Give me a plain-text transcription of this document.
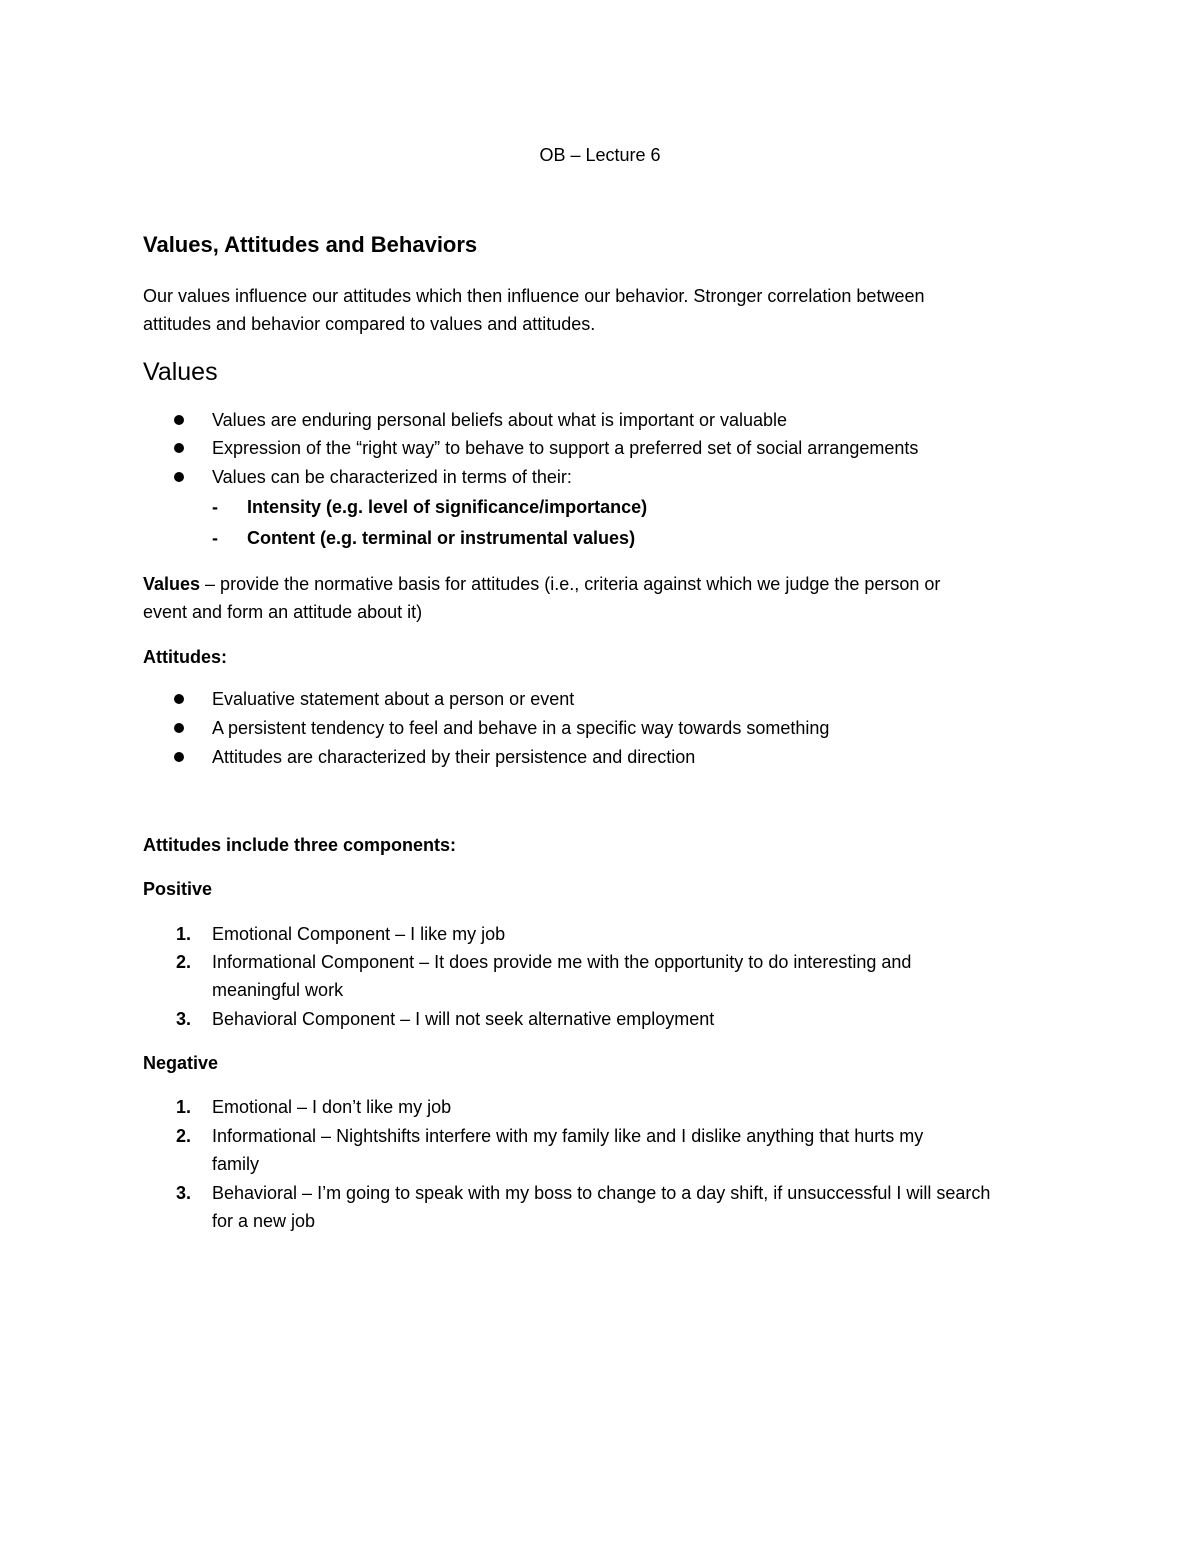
OB – Lecture 6
Values, Attitudes and Behaviors
Our values influence our attitudes which then influence our behavior. Stronger correlation between
attitudes and behavior compared to values and attitudes.
Values
Values are enduring personal beliefs about what is important or valuable
Expression of the “right way” to behave to support a preferred set of social arrangements
Values can be characterized in terms of their:
- Intensity (e.g. level of significance/importance)
- Content (e.g. terminal or instrumental values)
Values – provide the normative basis for attitudes (i.e., criteria against which we judge the person or
event and form an attitude about it)
Attitudes:
Evaluative statement about a person or event
A persistent tendency to feel and behave in a specific way towards something
Attitudes are characterized by their persistence and direction
Attitudes include three components:
Positive
1. Emotional Component – I like my job
2. Informational Component – It does provide me with the opportunity to do interesting and
meaningful work
3. Behavioral Component – I will not seek alternative employment
Negative
1. Emotional – I don’t like my job
2. Informational – Nightshifts interfere with my family like and I dislike anything that hurts my
family
3. Behavioral – I’m going to speak with my boss to change to a day shift, if unsuccessful I will search
for a new job
